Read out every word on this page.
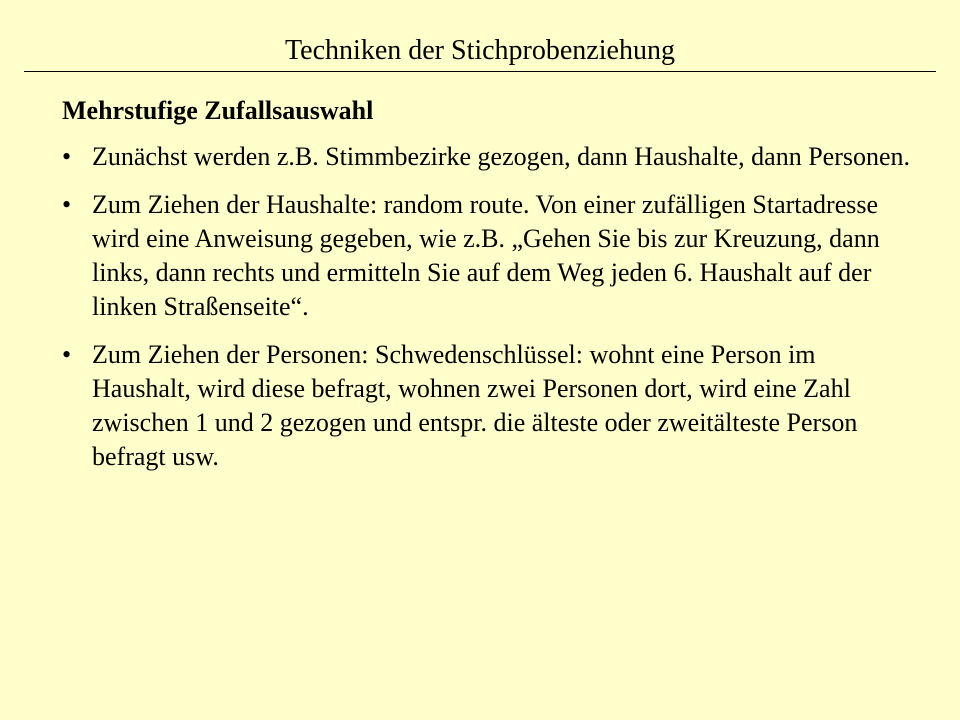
Techniken der Stichprobenziehung
Mehrstufige Zufallsauswahl
• Zunächst werden z.B. Stimmbezirke gezogen, dann Haushalte, dann Personen.
• Zum Ziehen der Haushalte: random route. Von einer zufälligen Startadresse wird eine Anweisung gegeben, wie z.B. „Gehen Sie bis zur Kreuzung, dann links, dann rechts und ermitteln Sie auf dem Weg jeden 6. Haushalt auf der linken Straßenseite“.
• Zum Ziehen der Personen: Schwedenschlüssel: wohnt eine Person im Haushalt, wird diese befragt, wohnen zwei Personen dort, wird eine Zahl zwischen 1 und 2 gezogen und entspr. die älteste oder zweitälteste Person befragt usw.
